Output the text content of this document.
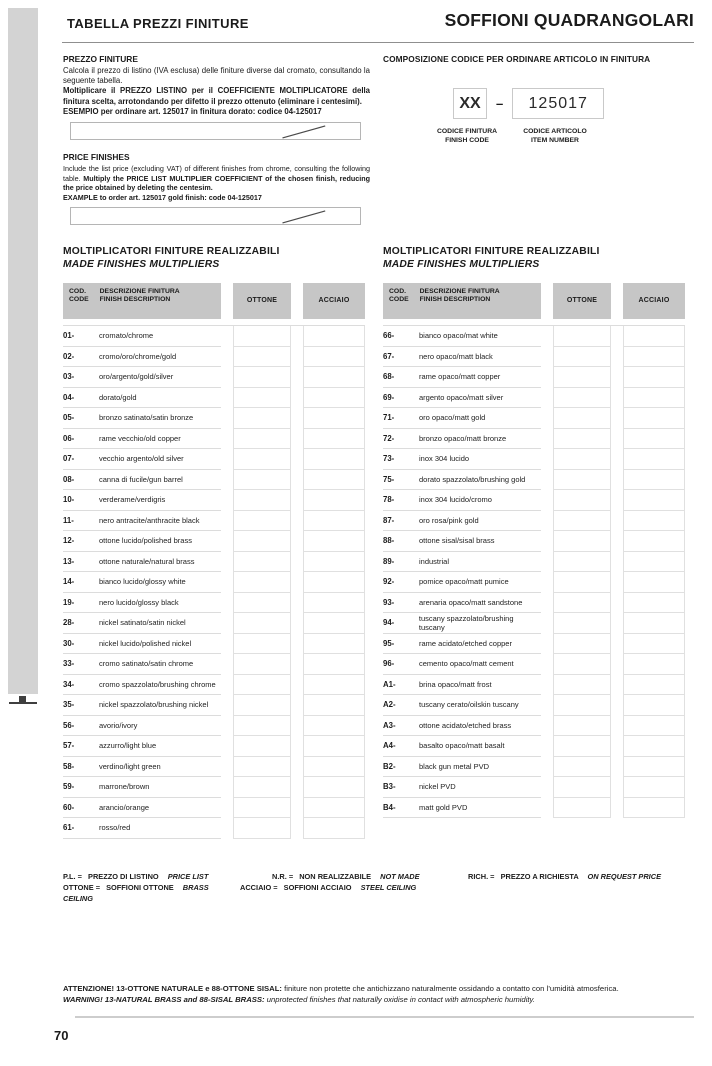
TABELLA PREZZI FINITURE	SOFFIONI QUADRANGOLARI
PREZZO FINITURE

Calcola il prezzo di listino (IVA esclusa) delle finiture diverse dal cromato, consultando la seguente tabella.
Moltiplicare il PREZZO LISTINO per il COEFFICIENTE MOLTIPLICATORE della finitura scelta, arrotondando per difetto il prezzo ottenuto (eliminare i centesimi).
ESEMPIO per ordinare art. 125017 in finitura dorato: codice 04-125017

PRICE FINISHES

Include the list price (excluding VAT) of different finishes from chrome, consulting the following table. Multiply the PRICE LIST MULTIPLIER COEFFICIENT of the chosen finish, reducing the price obtained by deleting the centesim.
EXAMPLE to order art. 125017 gold finish: code 04-125017

COMPOSIZIONE CODICE PER ORDINARE ARTICOLO IN FINITURA
XX	–	125017
CODICE FINITURA
FINISH CODE
CODICE ARTICOLO
ITEM NUMBER
MOLTIPLICATORI FINITURE REALIZZABILI
MADE FINISHES MULTIPLIERS
MOLTIPLICATORI FINITURE REALIZZABILI
MADE FINISHES MULTIPLIERS
COD.
CODE
DESCRIZIONE FINITURA
FINISH DESCRIPTION	OTTONE	ACCIAIO
01-	cromato/chrome
02-	cromo/oro/chrome/gold
03-	oro/argento/gold/silver
04-	dorato/gold
05-	bronzo satinato/satin bronze
06-	rame vecchio/old copper
07-	vecchio argento/old silver
08-	canna di fucile/gun barrel
10-	verderame/verdigris
11-	nero antracite/anthracite black
12-	ottone lucido/polished brass
13-	ottone naturale/natural brass
14-	bianco lucido/glossy white
19-	nero lucido/glossy black
28-	nickel satinato/satin nickel
30-	nickel lucido/polished nickel
33-	cromo satinato/satin chrome
34-	cromo spazzolato/brushing chrome
35-	nickel spazzolato/brushing nickel
56-	avorio/ivory
57-	azzurro/light blue
58-	verdino/light green
59-	marrone/brown
60-	arancio/orange
61-	rosso/red
COD.
CODE
DESCRIZIONE FINITURA
FINISH DESCRIPTION	OTTONE	ACCIAIO
66-	bianco opaco/mat white
67-	nero opaco/matt black
68-	rame opaco/matt copper
69-	argento opaco/matt silver
71-	oro opaco/matt gold
72-	bronzo opaco/matt bronze
73-	inox 304 lucido
75-	dorato spazzolato/brushing gold
78-	inox 304 lucido/cromo
87-	oro rosa/pink gold
88-	ottone sisal/sisal brass
89-	industrial
92-	pomice opaco/matt pumice
93-	arenaria opaco/matt sandstone
94-	tuscany spazzolato/brushing tuscany
95-	rame acidato/etched copper
96-	cemento opaco/matt cement
A1-	brina opaco/matt frost
A2-	tuscany cerato/oilskin tuscany
A3-	ottone acidato/etched brass
A4-	basalto opaco/matt basalt
B2-	black gun metal PVD
B3-	nickel PVD
B4-	matt gold PVD
P.L. = PREZZO DI LISTINO PRICE LIST	N.R. = NON REALIZZABILE NOT MADE	RICH. = PREZZO A RICHIESTA ON REQUEST PRICE
OTTONE = SOFFIONI OTTONE BRASS CEILING
ACCIAIO = SOFFIONI ACCIAIO STEEL CEILING
ATTENZIONE! 13-OTTONE NATURALE e 88-OTTONE SISAL: finiture non protette che antichizzano naturalmente ossidando a contatto con l’umidità atmosferica.
WARNING! 13-NATURAL BRASS and 88-SISAL BRASS: unprotected finishes that naturally oxidise in contact with atmospheric humidity.
70
